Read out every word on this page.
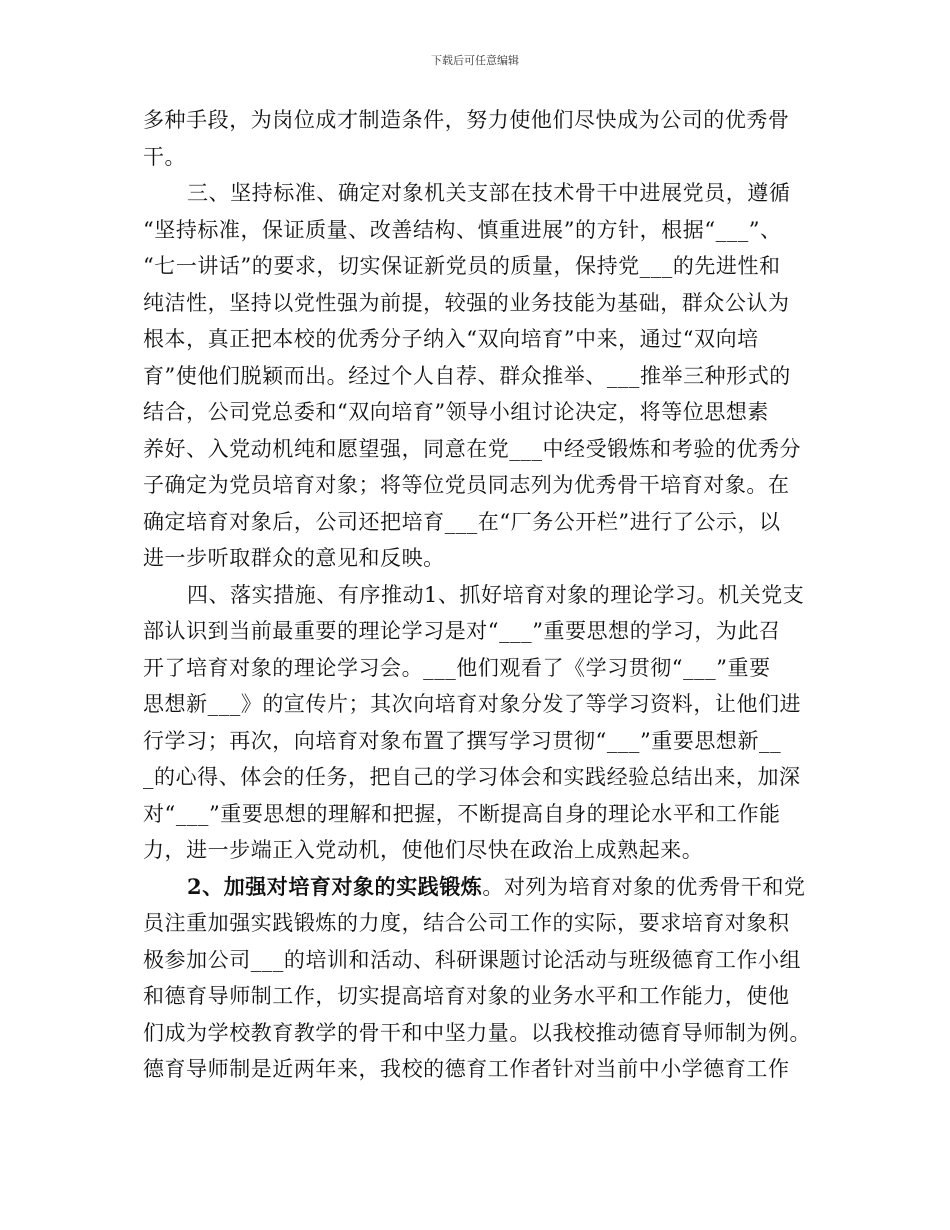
下载后可任意编辑
多种手段，为岗位成才制造条件，努力使他们尽快成为公司的优秀骨
干。
三、坚持标准、确定对象机关支部在技术骨干中进展党员，遵循
“坚持标准，保证质量、改善结构、慎重进展”的方针，根据“___”、
“七一讲话”的要求，切实保证新党员的质量，保持党___的先进性和
纯洁性，坚持以党性强为前提，较强的业务技能为基础，群众公认为
根本，真正把本校的优秀分子纳入“双向培育”中来，通过“双向培
育”使他们脱颖而出。经过个人自荐、群众推举、___推举三种形式的
结合，公司党总委和“双向培育”领导小组讨论决定，将等位思想素
养好、入党动机纯和愿望强，同意在党___中经受锻炼和考验的优秀分
子确定为党员培育对象；将等位党员同志列为优秀骨干培育对象。在
确定培育对象后，公司还把培育___在“厂务公开栏”进行了公示，以
进一步听取群众的意见和反映。
四、落实措施、有序推动1、抓好培育对象的理论学习。机关党支
部认识到当前最重要的理论学习是对“___”重要思想的学习，为此召
开了培育对象的理论学习会。___他们观看了《学习贯彻“___”重要
思想新___》的宣传片；其次向培育对象分发了等学习资料，让他们进
行学习；再次，向培育对象布置了撰写学习贯彻“___”重要思想新__
_的心得、体会的任务，把自己的学习体会和实践经验总结出来，加深
对“___”重要思想的理解和把握，不断提高自身的理论水平和工作能
力，进一步端正入党动机，使他们尽快在政治上成熟起来。
2、加强对培育对象的实践锻炼。对列为培育对象的优秀骨干和党
员注重加强实践锻炼的力度，结合公司工作的实际，要求培育对象积
极参加公司___的培训和活动、科研课题讨论活动与班级德育工作小组
和德育导师制工作，切实提高培育对象的业务水平和工作能力，使他
们成为学校教育教学的骨干和中坚力量。以我校推动德育导师制为例。
德育导师制是近两年来，我校的德育工作者针对当前中小学德育工作
